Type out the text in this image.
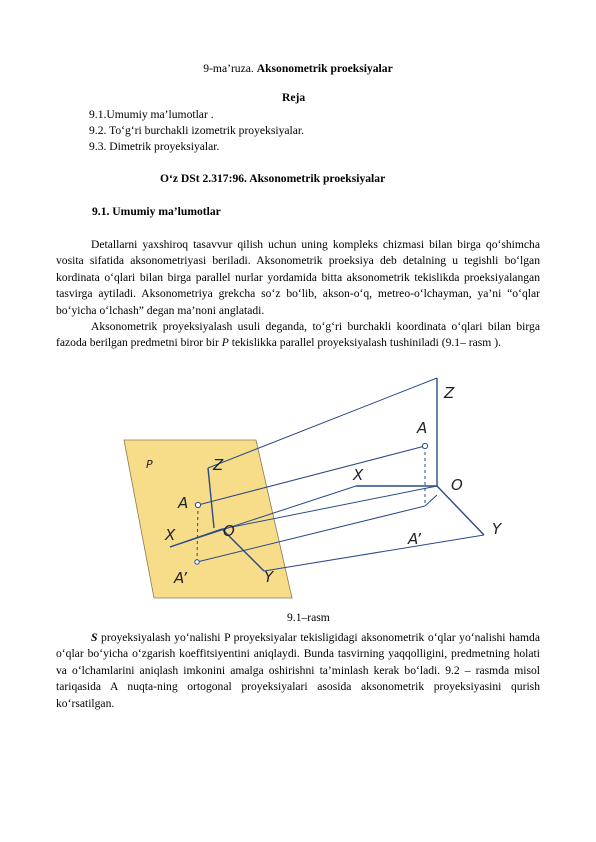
9-ma’ruza. Aksonometrik proeksiyalar
Reja
9.1.Umumiy ma’lumotlar .
9.2. To‘g‘ri burchakli izometrik proyeksiyalar.
9.3. Dimetrik proyeksiyalar.
O‘z DSt 2.317:96. Aksonometrik proeksiyalar
9.1. Umumiy ma’lumotlar

Detallarni yaxshiroq tasavvur qilish uchun uning kompleks chizmasi bilan birga qo‘shimcha vosita sifatida aksonometriyasi beriladi. Aksonometrik proeksiya deb detalning u tegishli bo‘lgan kordinata o‘qlari bilan birga parallel nurlar yordamida bitta aksonometrik tekislikda proeksiyalangan tasvirga aytiladi. Aksonometriya grekcha so‘z bo‘lib, akson-o‘q, metreo-o‘lchayman, ya’ni “o‘qlar bo‘yicha o‘lchash” degan ma’noni anglatadi.

Aksonometrik proyeksiyalash usuli deganda, to‘g‘ri burchakli koordinata o‘qlari bilan birga fazoda berilgan predmetni biror bir P tekislikka parallel proyeksiyalash tushiniladi (9.1– rasm ).

P	Z
A
X	O
A’	Y
Z
A
X
O
A’
Y
9.1–rasm

S proyeksiyalash yo‘nalishi P proyeksiyalar tekisligidagi aksonometrik o‘qlar yo‘nalishi hamda o‘qlar bo‘yicha o‘zgarish koeffitsiyentini aniqlaydi. Bunda tasvirning yaqqolligini, predmetning holati va o‘lchamlarini aniqlash imkonini amalga oshirishni ta’minlash kerak bo‘ladi. 9.2 – rasmda misol tariqasida A nuqta-ning ortogonal proyeksiyalari asosida aksonometrik proyeksiyasini qurish ko‘rsatilgan.
